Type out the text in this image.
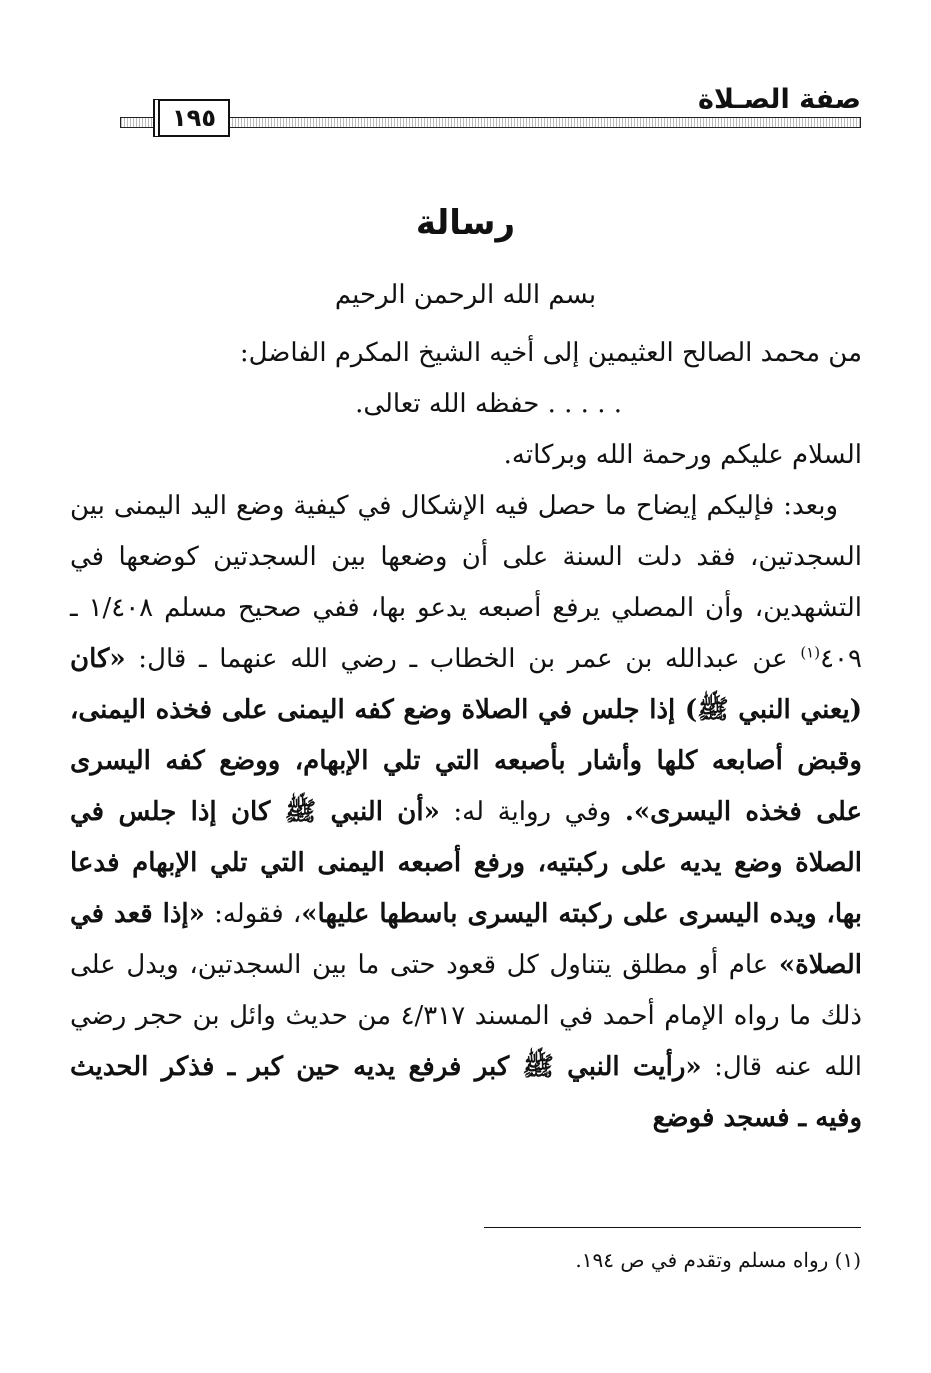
صفة الصـلاة
١٩٥
رسالة
بسم الله الرحمن الرحيم

من محمد الصالح العثيمين إلى أخيه الشيخ المكرم الفاضل:

. . . . . حفظه الله تعالى.

السلام عليكم ورحمة الله وبركاته.

وبعد: فإليكم إيضاح ما حصل فيه الإشكال في كيفية وضع اليد اليمنى بين السجدتين، فقد دلت السنة على أن وضعها بين السجدتين كوضعها في التشهدين، وأن المصلي يرفع أصبعه يدعو بها، ففي صحيح مسلم ١/٤٠٨ ـ ٤٠٩$^{(١)}$ عن عبدالله بن عمر بن الخطاب ـ رضي الله عنهما ـ قال: «كان (يعني النبي ﷺ) إذا جلس في الصلاة وضع كفه اليمنى على فخذه اليمنى، وقبض أصابعه كلها وأشار بأصبعه التي تلي الإبهام، ووضع كفه اليسرى على فخذه اليسرى». وفي رواية له: «أن النبي ﷺ كان إذا جلس في الصلاة وضع يديه على ركبتيه، ورفع أصبعه اليمنى التي تلي الإبهام فدعا بها، ويده اليسرى على ركبته اليسرى باسطها عليها»، فقوله: «إذا قعد في الصلاة» عام أو مطلق يتناول كل قعود حتى ما بين السجدتين، ويدل على ذلك ما رواه الإمام أحمد في المسند ٤/٣١٧ من حديث وائل بن حجر رضي الله عنه قال: «رأيت النبي ﷺ كبر فرفع يديه حين كبر ـ فذكر الحديث وفيه ـ فسجد فوضع

(١) رواه مسلم وتقدم في ص ١٩٤.
